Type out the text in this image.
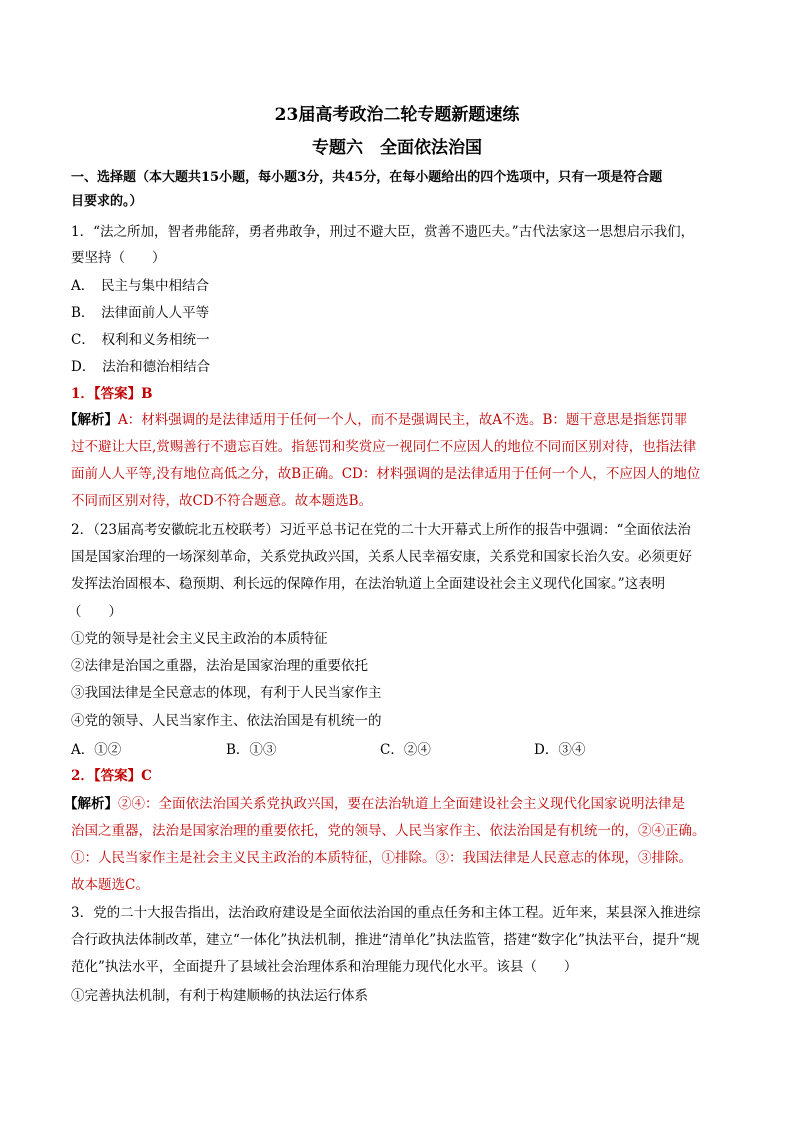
23届高考政治二轮专题新题速练
专题六　全面依法治国
一、选择题（本大题共15小题，每小题3分，共45分，在每小题给出的四个选项中，只有一项是符合题
目要求的。）
1．“法之所加，智者弗能辞，勇者弗敢争，刑过不避大臣，赏善不遗匹夫。”古代法家这一思想启示我们，
要坚持（　　）
A．　民主与集中相结合
B．　法律面前人人平等
C．　权利和义务相统一
D．　法治和德治相结合
1．【答案】B
【解析】A：材料强调的是法律适用于任何一个人，而不是强调民主，故A不选。B：题干意思是指惩罚罪
过不避让大臣,赏赐善行不遗忘百姓。指惩罚和奖赏应一视同仁不应因人的地位不同而区别对待，也指法律
面前人人平等,没有地位高低之分，故B正确。CD：材料强调的是法律适用于任何一个人，不应因人的地位
不同而区别对待，故CD不符合题意。故本题选B。
2．（23届高考安徽皖北五校联考）习近平总书记在党的二十大开幕式上所作的报告中强调：“全面依法治
国是国家治理的一场深刻革命，关系党执政兴国，关系人民幸福安康，关系党和国家长治久安。必须更好
发挥法治固根本、稳预期、利长远的保障作用，在法治轨道上全面建设社会主义现代化国家。”这表明
（　　）
①党的领导是社会主义民主政治的本质特征
②法律是治国之重器，法治是国家治理的重要依托
③我国法律是全民意志的体现，有利于人民当家作主
④党的领导、人民当家作主、依法治国是有机统一的
A．①②	B．①③	C．②④	D．③④
2．【答案】C
【解析】②④：全面依法治国关系党执政兴国，要在法治轨道上全面建设社会主义现代化国家说明法律是
治国之重器，法治是国家治理的重要依托，党的领导、人民当家作主、依法治国是有机统一的，②④正确。
①：人民当家作主是社会主义民主政治的本质特征，①排除。③：我国法律是人民意志的体现，③排除。
故本题选C。
3．党的二十大报告指出，法治政府建设是全面依法治国的重点任务和主体工程。近年来，某县深入推进综
合行政执法体制改革，建立“一体化”执法机制，推进“清单化”执法监管，搭建“数字化”执法平台，提升“规
范化”执法水平，全面提升了县域社会治理体系和治理能力现代化水平。该县（　　）
①完善执法机制，有利于构建顺畅的执法运行体系
